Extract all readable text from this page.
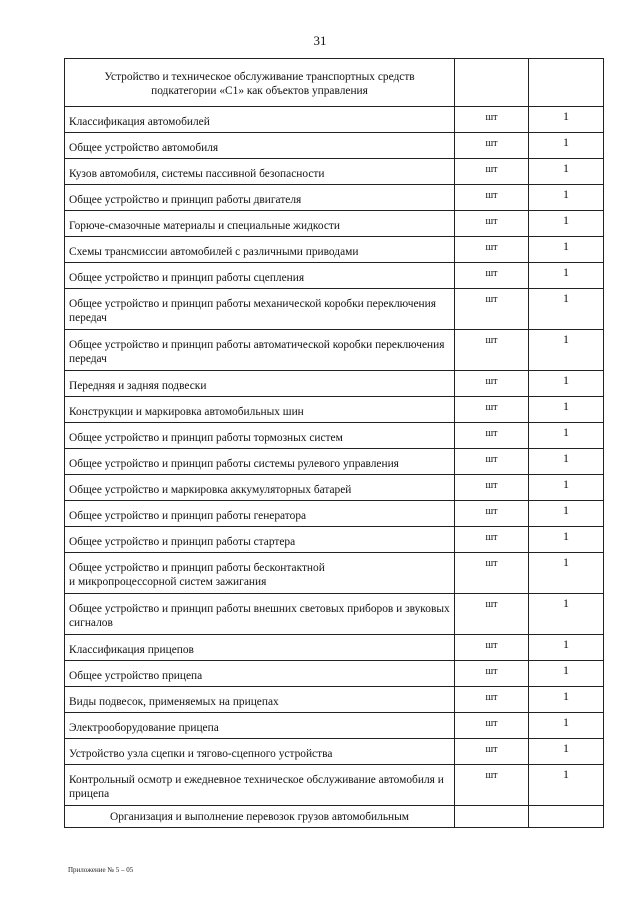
31
Устройство и техническое обслуживание транспортных средств подкатегории «С1» как объектов управления		
Классификация автомобилей	шт	1
Общее устройство автомобиля	шт	1
Кузов автомобиля, системы пассивной безопасности	шт	1
Общее устройство и принцип работы двигателя	шт	1
Горюче-смазочные материалы и специальные жидкости	шт	1
Схемы трансмиссии автомобилей с различными приводами	шт	1
Общее устройство и принцип работы сцепления	шт	1
Общее устройство и принцип работы механической коробки переключения передач	шт	1
Общее устройство и принцип работы автоматической коробки переключения передач	шт	1
Передняя и задняя подвески	шт	1
Конструкции и маркировка автомобильных шин	шт	1
Общее устройство и принцип работы тормозных систем	шт	1
Общее устройство и принцип работы системы рулевого управления	шт	1
Общее устройство и маркировка аккумуляторных батарей	шт	1
Общее устройство и принцип работы генератора	шт	1
Общее устройство и принцип работы стартера	шт	1
Общее устройство и принцип работы бесконтактной
и микропроцессорной систем зажигания	шт	1
Общее устройство и принцип работы внешних световых приборов и звуковых сигналов	шт	1
Классификация прицепов	шт	1
Общее устройство прицепа	шт	1
Виды подвесок, применяемых на прицепах	шт	1
Электрооборудование прицепа	шт	1
Устройство узла сцепки и тягово-сцепного устройства	шт	1
Контрольный осмотр и ежедневное техническое обслуживание автомобиля и прицепа	шт	1
Организация и выполнение перевозок грузов автомобильным		
Приложение № 5 – 05
